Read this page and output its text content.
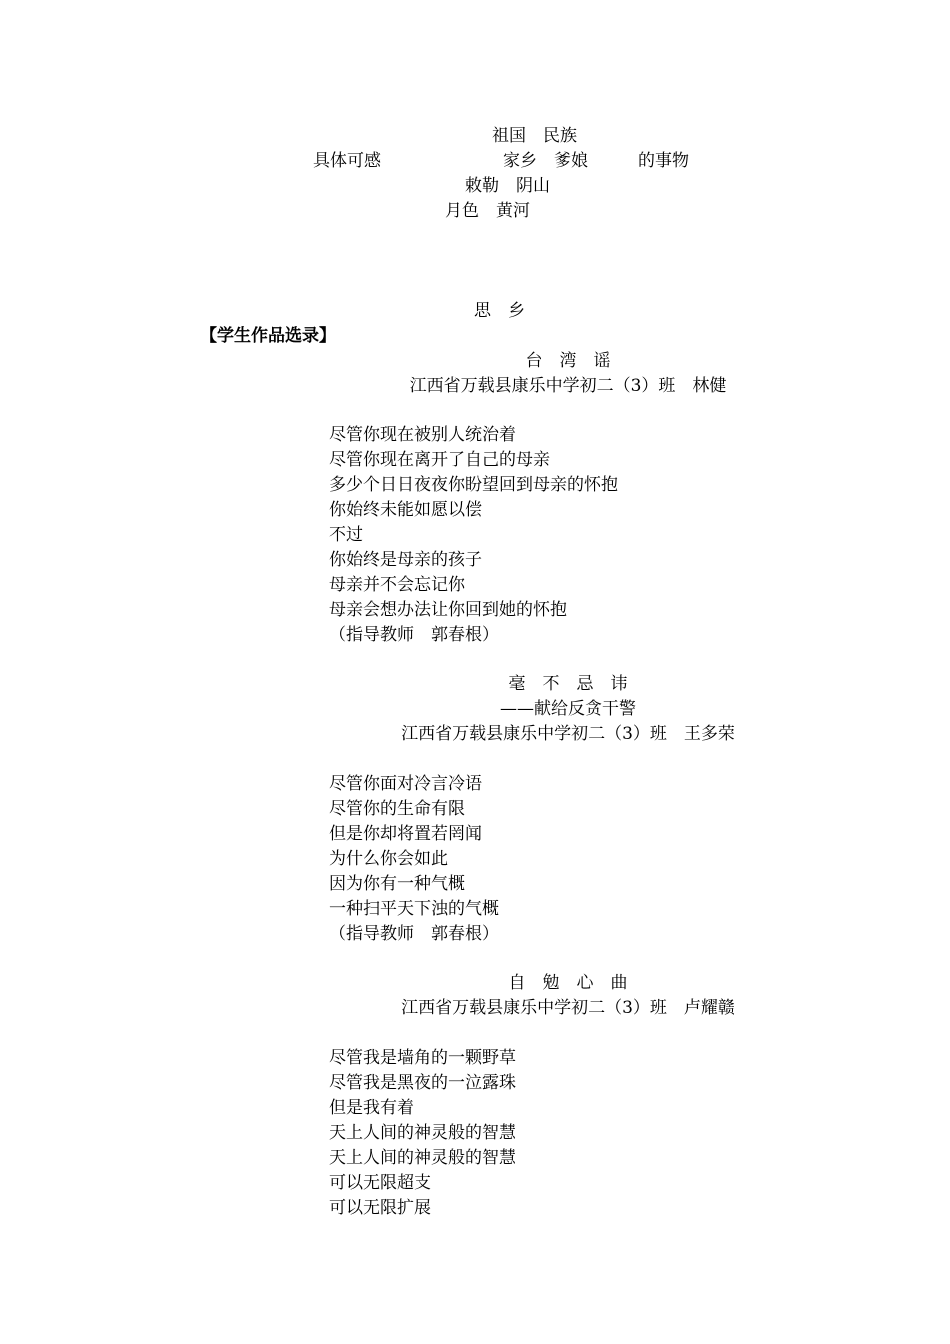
祖国　民族
具体可感	家乡　爹娘	的事物
敕勒　阴山
月色　黄河
思　乡
【学生作品选录】
台　湾　谣
江西省万载县康乐中学初二（3）班　林健
尽管你现在被别人统治着
尽管你现在离开了自己的母亲
多少个日日夜夜你盼望回到母亲的怀抱
你始终未能如愿以偿
不过
你始终是母亲的孩子
母亲并不会忘记你
母亲会想办法让你回到她的怀抱
（指导教师　郭春根）
毫　不　忌　讳
——献给反贪干警
江西省万载县康乐中学初二（3）班　王多荣
尽管你面对冷言冷语
尽管你的生命有限
但是你却将置若罔闻
为什么你会如此
因为你有一种气概
一种扫平天下浊的气概
（指导教师　郭春根）
自　勉　心　曲
江西省万载县康乐中学初二（3）班　卢耀赣
尽管我是墙角的一颗野草
尽管我是黑夜的一泣露珠
但是我有着
天上人间的神灵般的智慧
天上人间的神灵般的智慧
可以无限超支
可以无限扩展
